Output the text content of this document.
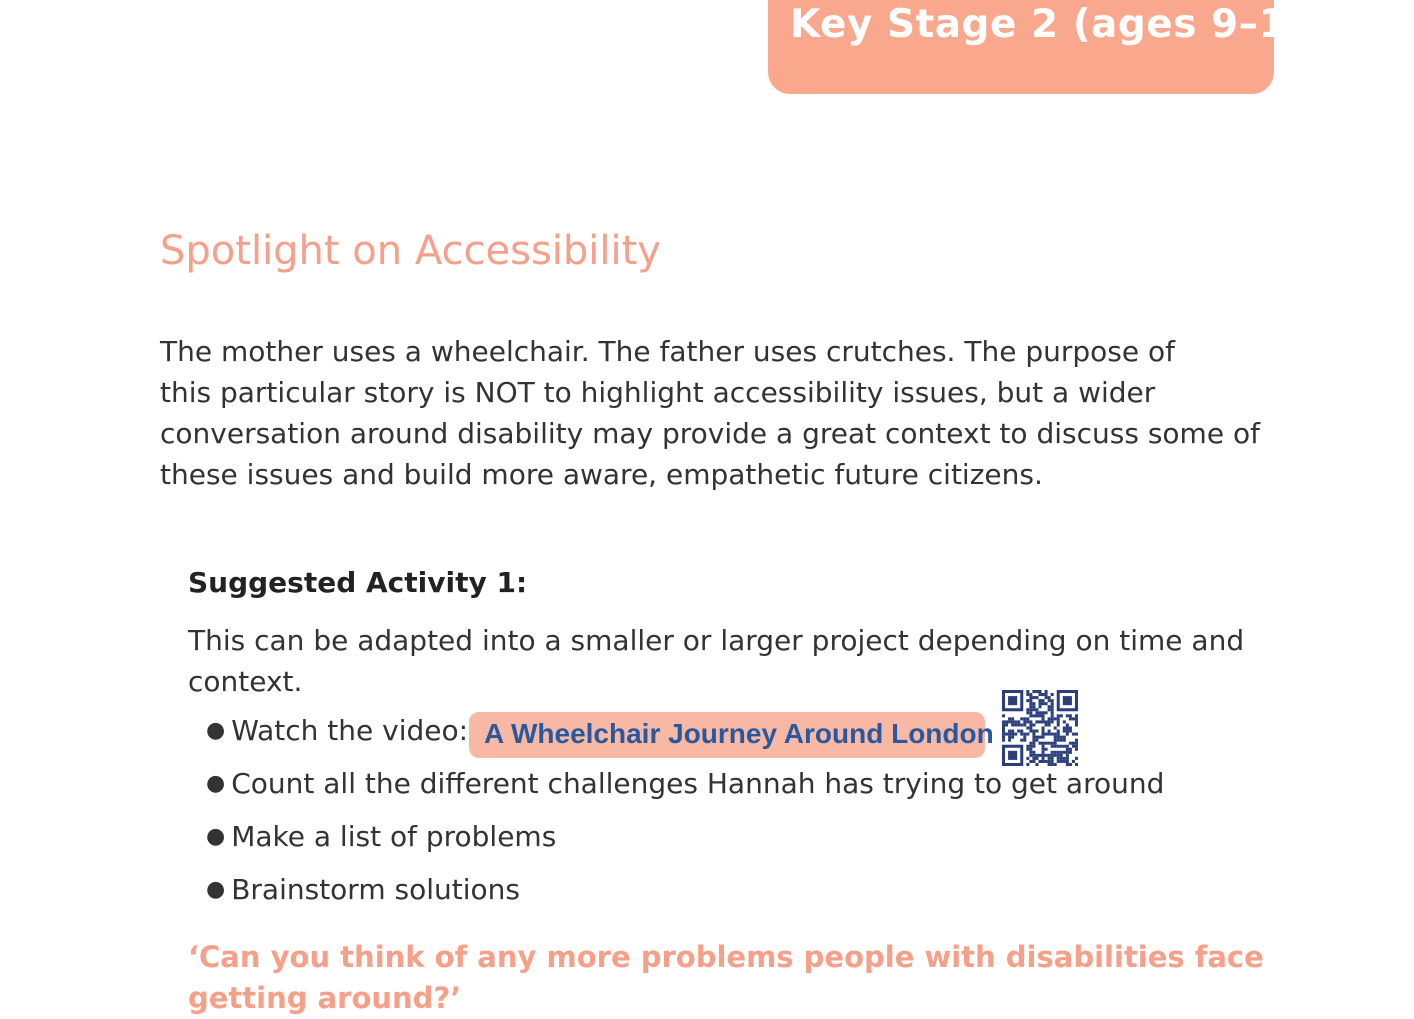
Key Stage 2 (ages 9–11)
Spotlight on Accessibility
The mother uses a wheelchair. The father uses crutches. The purpose of
this particular story is NOT to highlight accessibility issues, but a wider
conversation around disability may provide a great context to discuss some of
these issues and build more aware, empathetic future citizens.
Suggested Activity 1:
This can be adapted into a smaller or larger project depending on time and
context.
● Watch the video: A Wheelchair Journey Around London
● Count all the different challenges Hannah has trying to get around
● Make a list of problems
● Brainstorm solutions
‘Can you think of any more problems people with disabilities face
getting around?’
